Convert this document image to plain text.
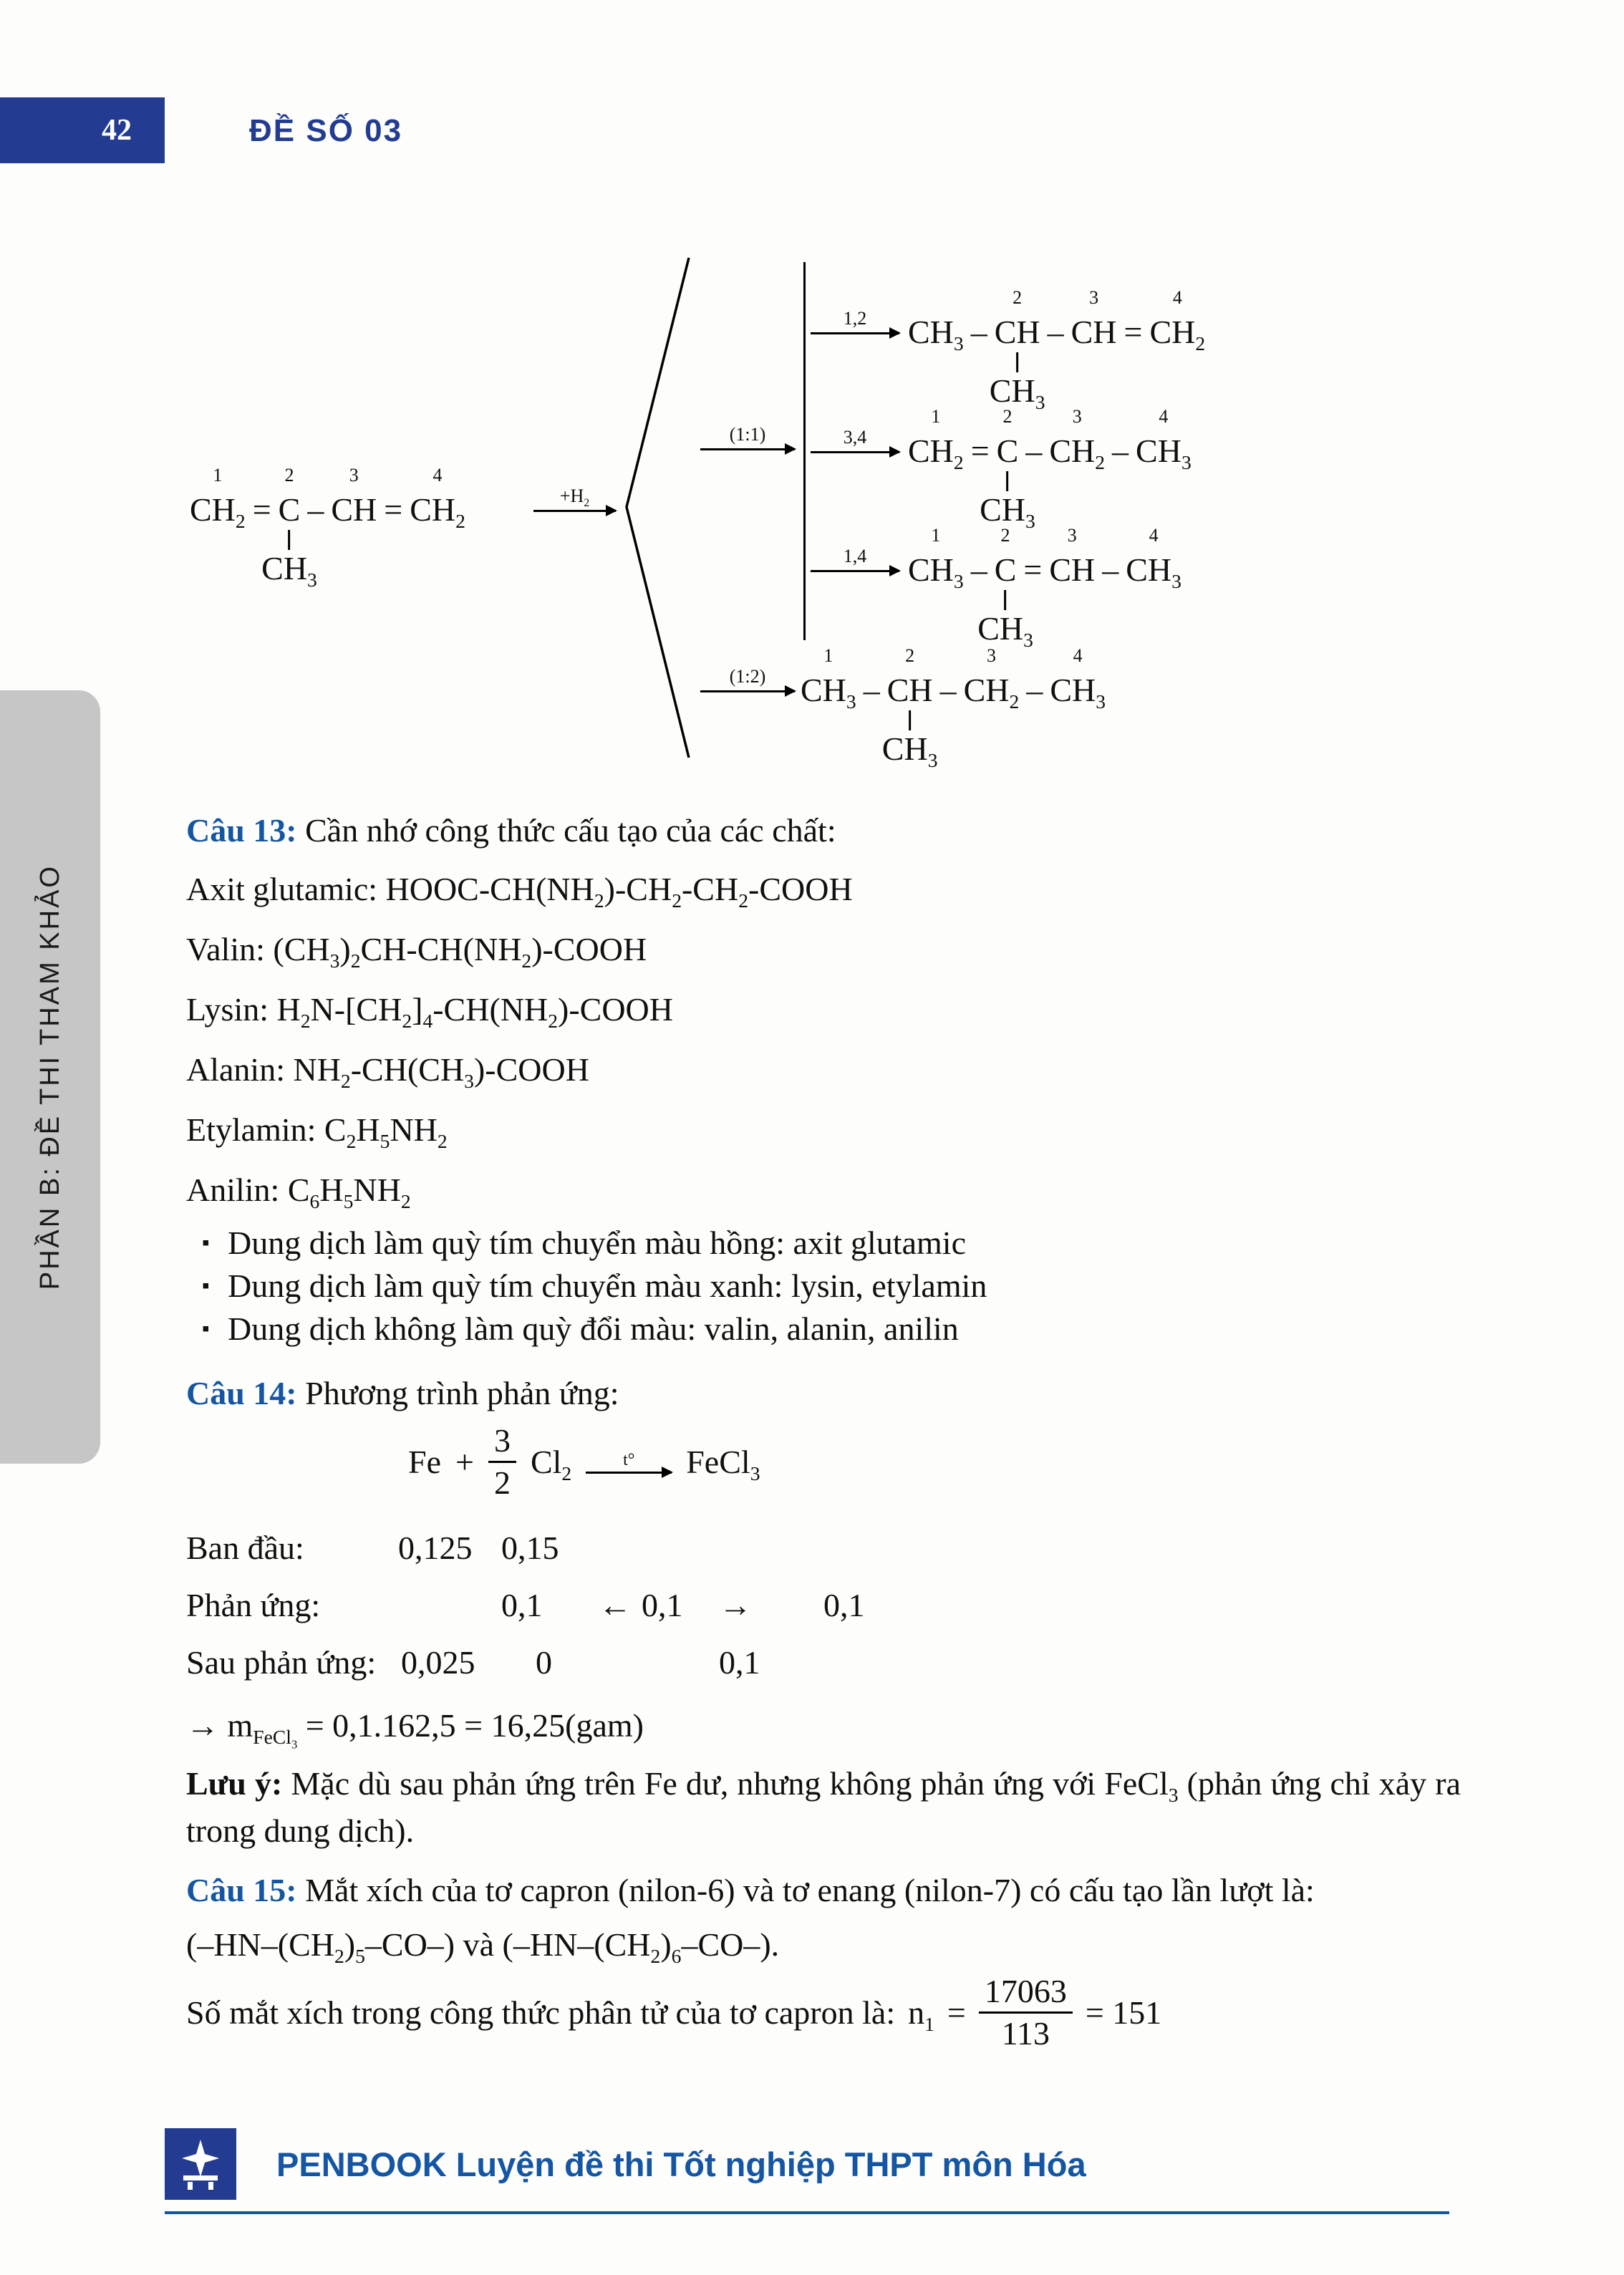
42	ĐỀ SỐ 03
PHẦN B: ĐỀ THI THAM KHẢO
1
$CH_2$ =
2
C
$CH_3$
–
3
CH =
4
$CH_2$
$+H_2$
(1:1)
1,2 $CH_3$ –
2
CH
$CH_3$
–
3
CH =
4
$CH_2$
3,4
1
$CH_2$ =
2
C
$CH_3$
–
3
$CH_2$ –
4
$CH_3$
1,4
1
$CH_3$ –
2
C
$CH_3$
=
3
CH –
4
$CH_3$
(1:2)
1
$CH_3$ –
2
CH
$CH_3$
–
3
$CH_2$ –
4
$CH_3$

Câu 13: Cần nhớ công thức cấu tạo của các chất:

Axit glutamic: HOOC-$CH(NH_2)-CH_2-CH_2$-COOH

Valin: $(CH_3)_2CH-CH(NH_2)$-COOH

Lysin: $H_2N-[CH_2]_4-CH(NH_2)$-COOH

Alanin: $NH_2-CH(CH_3)$-COOH

Etylamin: $C_2H_5NH_2$

Anilin: $C_6H_5NH_2$

▪ Dung dịch làm quỳ tím chuyển màu hồng: axit glutamic
▪ Dung dịch làm quỳ tím chuyển màu xanh: lysin, etylamin
▪ Dung dịch không làm quỳ đổi màu: valin, alanin, anilin

Câu 14: Phương trình phản ứng:

$Fe + \frac{3}{2} Cl_2$
t° FeCl$_3$
Ban đầu:	0,125 0,15
Phản ứng:	0,1 ← 0,1 → 0,1
Sau phản ứng: 0,025 0	0,1

→ $m_{FeCl_3} = 0,1.162,5 = 16,25(gam)$

Lưu ý: Mặc dù sau phản ứng trên Fe dư, nhưng không phản ứng với FeCl$_3$ (phản ứng chỉ xảy ra trong dung dịch).

Câu 15: Mắt xích của tơ capron (nilon-6) và tơ enang (nilon-7) có cấu tạo lần lượt là:

$(-HN-(CH_2)_5-CO-)$ và $(-HN-(CH_2)_6-CO-)$.

Số mắt xích trong công thức phân tử của tơ capron là: $n_1 = \frac{17063}{113} = 151$
PENBOOK Luyện đề thi Tốt nghiệp THPT môn Hóa
